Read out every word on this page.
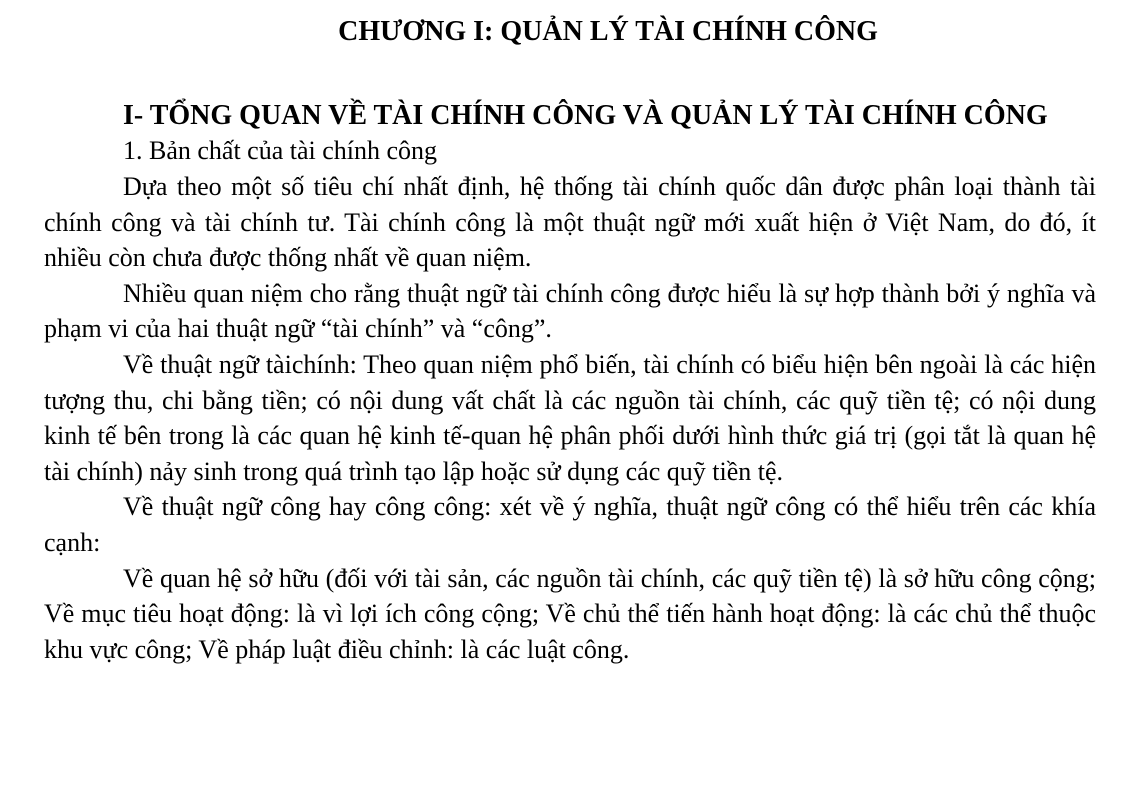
CHƯƠNG I: QUẢN LÝ TÀI CHÍNH CÔNG
I- TỔNG QUAN VỀ TÀI CHÍNH CÔNG VÀ QUẢN LÝ TÀI CHÍNH CÔNG

1. Bản chất của tài chính công

Dựa theo một số tiêu chí nhất định, hệ thống tài chính quốc dân được phân loại thành tài chính công và tài chính tư. Tài chính công là một thuật ngữ mới xuất hiện ở Việt Nam, do đó, ít nhiều còn chưa được thống nhất về quan niệm.

Nhiều quan niệm cho rằng thuật ngữ tài chính công được hiểu là sự hợp thành bởi ý nghĩa và phạm vi của hai thuật ngữ “tài chính” và “công”.

Về thuật ngữ tàichính: Theo quan niệm phổ biến, tài chính có biểu hiện bên ngoài là các hiện tượng thu, chi bằng tiền; có nội dung vất chất là các nguồn tài chính, các quỹ tiền tệ; có nội dung kinh tế bên trong là các quan hệ kinh tế-quan hệ phân phối dưới hình thức giá trị (gọi tắt là quan hệ tài chính) nảy sinh trong quá trình tạo lập hoặc sử dụng các quỹ tiền tệ.

Về thuật ngữ công hay công công: xét về ý nghĩa, thuật ngữ công có thể hiểu trên các khía cạnh:

Về quan hệ sở hữu (đối với tài sản, các nguồn tài chính, các quỹ tiền tệ) là sở hữu công cộng; Về mục tiêu hoạt động: là vì lợi ích công cộng; Về chủ thể tiến hành hoạt động: là các chủ thể thuộc khu vực công; Về pháp luật điều chỉnh: là các luật công.
